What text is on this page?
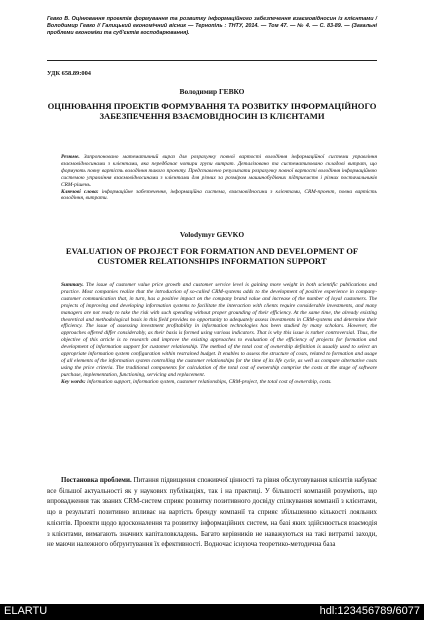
Гевко В. Оцінювання проектів формування та розвитку інформаційного забезпечення взаємовідносин із клієнтами / Володимир Гевко // Галицький економічний вісник — Тернопіль : ТНТУ, 2014. — Том 47. — № 4. — С. 83-89. — (Загальні проблеми економіки та суб'єктів господарювання).
УДК 658.89:004
Володимир ГЕВКО
ОЦІНЮВАННЯ ПРОЕКТІВ ФОРМУВАННЯ ТА РОЗВИТКУ ІНФОРМАЦІЙНОГО ЗАБЕЗПЕЧЕННЯ ВЗАЄМОВІДНОСИН ІЗ КЛІЄНТАМИ
Резюме. Запропоновано математичний вираз для розрахунку повної вартості володіння інформаційної системи управління взаємовідносинами з клієнтами, яка передбачає чотири групи витрат. Деталізовано та систематизовано складові витрат, що формують повну вартість володіння такого проекту. Представлено результати розрахунку повної вартості володіння інформаційною системою управління взаємовідносинами з клієнтами для різних за розміром машинобудівних підприємств і різних постачальників CRM-рішень.
Ключові слова: інформаційне забезпечення, інформаційна система, взаємовідносини з клієнтами, CRM-проект, повна вартість володіння, витрати.
Volodymyr GEVKO
EVALUATION OF PROJECT FOR FORMATION AND DEVELOPMENT OF CUSTOMER RELATIONSHIPS INFORMATION SUPPORT
Summary. The issue of customer value price growth and customer service level is gaining more weight in both scientific publications and practice. Most companies realize that the introduction of so-called CRM-systems adds to the development of positive experience in company-customer communication that, in turn, has a positive impact on the company brand value and increase of the number of loyal customers. The projects of improving and developing information systems to facilitate the interaction with clients require considerable investments, and many managers are not ready to take the risk with such spending without proper grounding of their efficiency. At the same time, the already existing theoretical and methodological basis in this field provides no opportunity to adequately assess investments in CRM-systems and determine their efficiency. The issue of assessing investment profitability in information technologies has been studied by many scholars. However, the approaches offered differ considerably, as their basis is formed using various indicators. That is why this issue is rather controversial. Thus, the objective of this article is to research and improve the existing approaches to evaluation of the efficiency of projects for formation and development of information support for customer relationship. The method of the total cost of ownership definition is usually used to select an appropriate information system configuration within restrained budget. It enables to assess the structure of costs, related to formation and usage of all elements of the information system controlling the customer relationships for the time of its life cycle, as well as compare alternative costs using the price criteria. The traditional components for calculation of the total cost of ownership comprise the costs at the stage of software purchase, implementation, functioning, servicing and replacement.
Key words: information support, information system, customer relationships, CRM-project, the total cost of ownership, costs.
Постановка проблеми. Питання підвищення споживчої цінності та рівня обслуговування клієнтів набуває все більшої актуальності як у наукових публікаціях, так і на практиці. У більшості компаній розуміють, що впровадження так званих CRM-систем сприяє розвитку позитивного досвіду спілкування компанії з клієнтами, що в результаті позитивно впливає на вартість бренду компанії та сприяє збільшенню кількості лояльних клієнтів. Проекти щодо вдосконалення та розвитку інформаційних систем, на базі яких здійснюється взаємодія з клієнтами, вимагають значних капіталовкладень. Багато керівників не наважуються на такі витратні заходи, не маючи належного обґрунтування їх ефективності. Водночас існуюча теоретико-методична база
ELARTU	hdl:123456789/6077
